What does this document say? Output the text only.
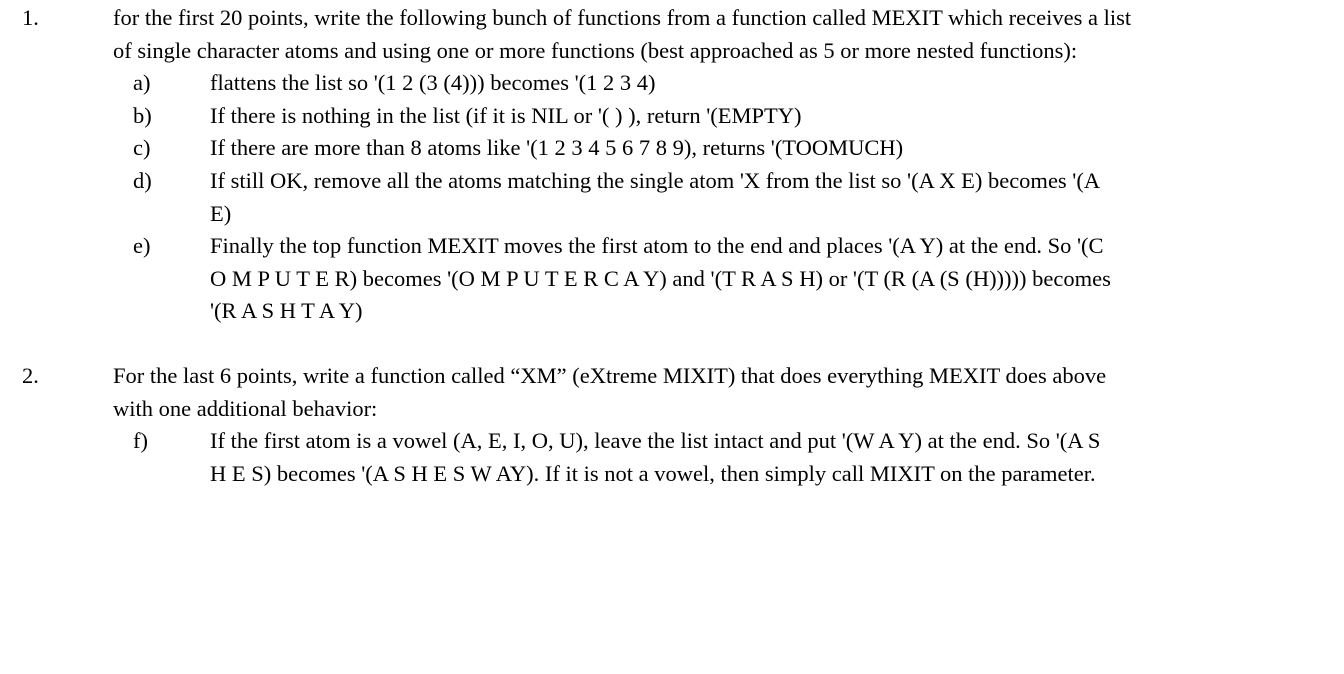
1.	for the first 20 points, write the following bunch of functions from a function called MEXIT which receives a list of single character atoms and using one or more functions (best approached as 5 or more nested functions):
a)	flattens the list so '(1 2 (3 (4))) becomes '(1 2 3 4)
b)	If there is nothing in the list (if it is NIL or '( ) ), return '(EMPTY)
c)	If there are more than 8 atoms like '(1 2 3 4 5 6 7 8 9), returns '(TOOMUCH)
d)	If still OK, remove all the atoms matching the single atom 'X from the list so '(A X E) becomes '(A E)
e)	Finally the top function MEXIT moves the first atom to the end and places '(A Y) at the end. So '(C O M P U T E R) becomes '(O M P U T E R C A Y) and '(T R A S H) or '(T (R (A (S (H))))) becomes '(R A S H T A Y)
2.	For the last 6 points, write a function called “XM” (eXtreme MIXIT) that does everything MEXIT does above with one additional behavior:
f)	If the first atom is a vowel (A, E, I, O, U), leave the list intact and put '(W A Y) at the end. So '(A S H E S) becomes '(A S H E S W AY). If it is not a vowel, then simply call MIXIT on the parameter.
